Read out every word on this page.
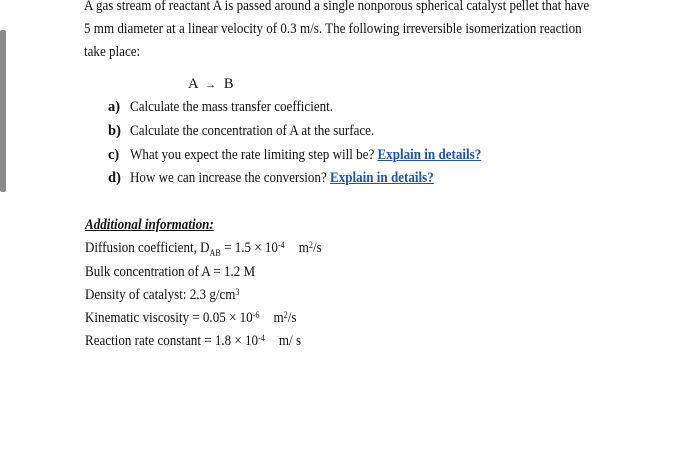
A gas stream of reactant A is passed around a single nonporous spherical catalyst pellet that have
5 mm diameter at a linear velocity of 0.3 m/s. The following irreversible isomerization reaction
take place:
A → B
a) Calculate the mass transfer coefficient.
b) Calculate the concentration of A at the surface.
c) What you expect the rate limiting step will be? Explain in details?
d) How we can increase the conversion? Explain in details?
Additional information:
Diffusion coefficient, $D_{AB} = 1.5 \times 10^{-4}$ $m^2/s$
Bulk concentration of A = 1.2 M
Density of catalyst: 2.3 $g/cm^3$
Kinematic viscosity = $0.05 \times 10^{-6}$ $m^2/s$
Reaction rate constant = $1.8 \times 10^{-4}$ m/ s
